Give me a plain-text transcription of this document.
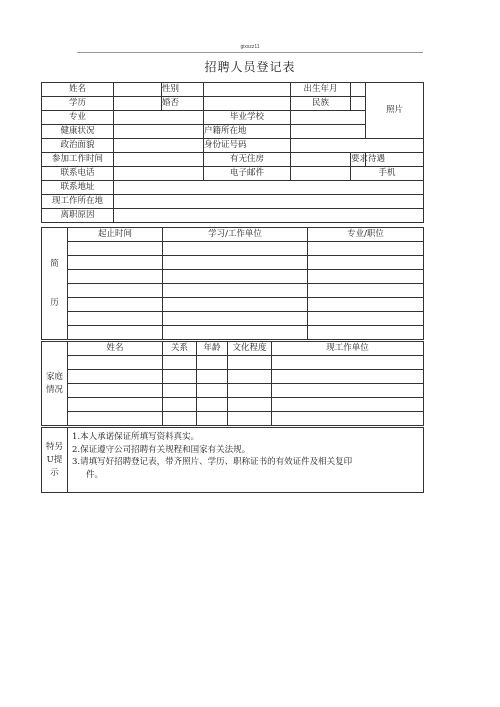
gixszz11
招聘人员登记表
姓名		性别		出生年月		照片
学历		婚否		民族		
专业			毕业学校			
健康状况			户籍所在地			
政治面貌			身份证号码			
参加工作时间			有无住房		要求待遇	
联系电话			电子邮件		手机	
联系地址						
现工作所在地						
离职原因						
简

历	起止时间	学习/工作单位	专业/职位

家庭情况	姓名	关系	年龄	文化程度	现工作单位

特另U提示	
1.本人承诺保证所填写资料真实。
2.保证遵守公司招聘有关规程和国家有关法规。
3.请填写好招聘登记表，带齐照片、学历、职称证书的有效证件及相关复印
件。
